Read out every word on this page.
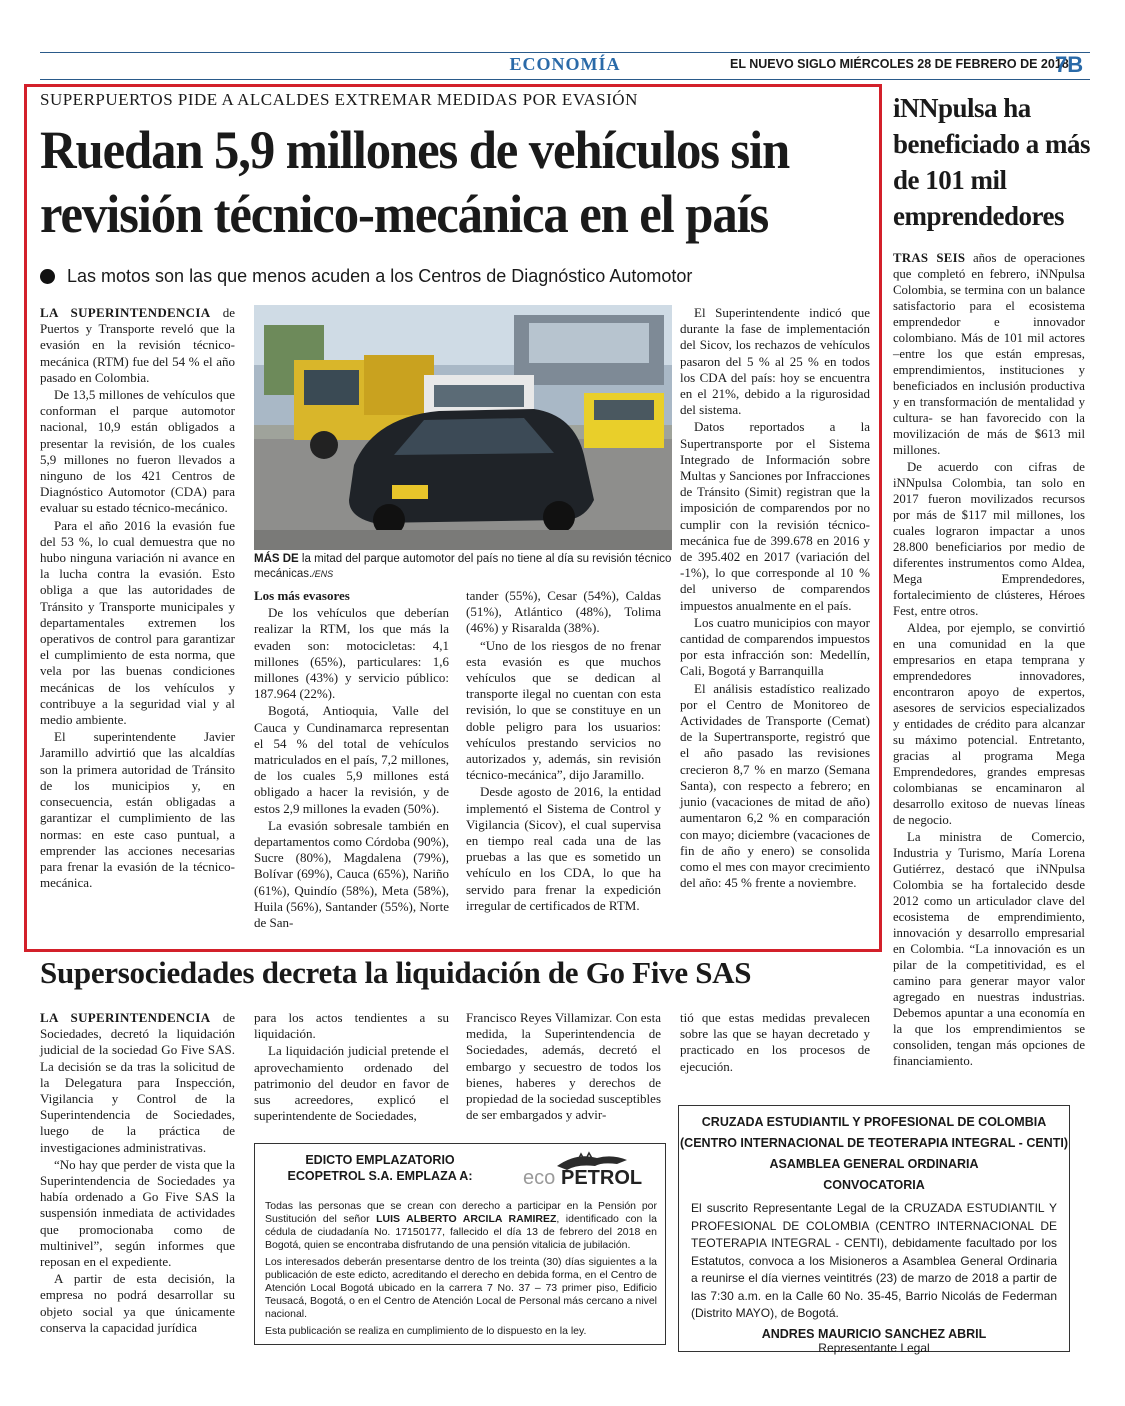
ECONOMÍA	EL NUEVO SIGLO MIÉRCOLES 28 DE FEBRERO DE 2018
7B
SUPERPUERTOS PIDE A ALCALDES EXTREMAR MEDIDAS POR EVASIÓN
Ruedan 5,9 millones de vehículos sin
revisión técnico-mecánica en el país
Las motos son las que menos acuden a los Centros de Diagnóstico Automotor

LA SUPERINTENDENCIA de Puertos y Transporte reveló que la evasión en la revisión técnico-mecánica (RTM) fue del 54 % el año pasado en Colombia.

De 13,5 millones de vehículos que conforman el parque automotor nacional, 10,9 están obligados a presentar la revisión, de los cuales 5,9 millones no fueron llevados a ninguno de los 421 Centros de Diagnóstico Automotor (CDA) para evaluar su estado técnico-mecánico.

Para el año 2016 la evasión fue del 53 %, lo cual demuestra que no hubo ninguna variación ni avance en la lucha contra la evasión. Esto obliga a que las autoridades de Tránsito y Transporte municipales y departamentales extremen los operativos de control para garantizar el cumplimiento de esta norma, que vela por las buenas condiciones mecánicas de los vehículos y contribuye a la seguridad vial y al medio ambiente.

El superintendente Javier Jaramillo advirtió que las alcaldías son la primera autoridad de Tránsito de los municipios y, en consecuencia, están obligadas a garantizar el cumplimiento de las normas: en este caso puntual, a emprender las acciones necesarias para frenar la evasión de la técnico-mecánica.

MÁS DE la mitad del parque automotor del país no tiene al día su revisión técnico mecánicas./ENS

Los más evasores

De los vehículos que deberían realizar la RTM, los que más la evaden son: motocicletas: 4,1 millones (65%), particulares: 1,6 millones (43%) y servicio público: 187.964 (22%).

Bogotá, Antioquia, Valle del Cauca y Cundinamarca representan el 54 % del total de vehículos matriculados en el país, 7,2 millones, de los cuales 5,9 millones está obligado a hacer la revisión, y de estos 2,9 millones la evaden (50%).

La evasión sobresale también en departamentos como Córdoba (90%), Sucre (80%), Magdalena (79%), Bolívar (69%), Cauca (65%), Nariño (61%), Quindío (58%), Meta (58%), Huila (56%), Santander (55%), Norte de San-

tander (55%), Cesar (54%), Caldas (51%), Atlántico (48%), Tolima (46%) y Risaralda (38%).

“Uno de los riesgos de no frenar esta evasión es que muchos vehículos que se dedican al transporte ilegal no cuentan con esta revisión, lo que se constituye en un doble peligro para los usuarios: vehículos prestando servicios no autorizados y, además, sin revisión técnico-mecánica”, dijo Jaramillo.

Desde agosto de 2016, la entidad implementó el Sistema de Control y Vigilancia (Sicov), el cual supervisa en tiempo real cada una de las pruebas a las que es sometido un vehículo en los CDA, lo que ha servido para frenar la expedición irregular de certificados de RTM.

El Superintendente indicó que durante la fase de implementación del Sicov, los rechazos de vehículos pasaron del 5 % al 25 % en todos los CDA del país: hoy se encuentra en el 21%, debido a la rigurosidad del sistema.

Datos reportados a la Supertransporte por el Sistema Integrado de Información sobre Multas y Sanciones por Infracciones de Tránsito (Simit) registran que la imposición de comparendos por no cumplir con la revisión técnico-mecánica fue de 399.678 en 2016 y de 395.402 en 2017 (variación del -1%), lo que corresponde al 10 % del universo de comparendos impuestos anualmente en el país.

Los cuatro municipios con mayor cantidad de comparendos impuestos por esta infracción son: Medellín, Cali, Bogotá y Barranquilla

El análisis estadístico realizado por el Centro de Monitoreo de Actividades de Transporte (Cemat) de la Supertransporte, registró que el año pasado las revisiones crecieron 8,7 % en marzo (Semana Santa), con respecto a febrero; en junio (vacaciones de mitad de año) aumentaron 6,2 % en comparación con mayo; diciembre (vacaciones de fin de año y enero) se consolida como el mes con mayor crecimiento del año: 45 % frente a noviembre.

iNNpulsa ha beneficiado a más de 101 mil emprendedores

TRAS SEIS años de operaciones que completó en febrero, iNNpulsa Colombia, se termina con un balance satisfactorio para el ecosistema emprendedor e innovador colombiano. Más de 101 mil actores –entre los que están empresas, emprendimientos, instituciones y beneficiados en inclusión productiva y en transformación de mentalidad y cultura- se han favorecido con la movilización de más de $613 mil millones.

De acuerdo con cifras de iNNpulsa Colombia, tan solo en 2017 fueron movilizados recursos por más de $117 mil millones, los cuales lograron impactar a unos 28.800 beneficiarios por medio de diferentes instrumentos como Aldea, Mega Emprendedores, fortalecimiento de clústeres, Héroes Fest, entre otros.

Aldea, por ejemplo, se convirtió en una comunidad en la que empresarios en etapa temprana y emprendedores innovadores, encontraron apoyo de expertos, asesores de servicios especializados y entidades de crédito para alcanzar su máximo potencial. Entretanto, gracias al programa Mega Emprendedores, grandes empresas colombianas se encaminaron al desarrollo exitoso de nuevas líneas de negocio.

La ministra de Comercio, Industria y Turismo, María Lorena Gutiérrez, destacó que iNNpulsa Colombia se ha fortalecido desde 2012 como un articulador clave del ecosistema de emprendimiento, innovación y desarrollo empresarial en Colombia. “La innovación es un pilar de la competitividad, es el camino para generar mayor valor agregado en nuestras industrias. Debemos apuntar a una economía en la que los emprendimientos se consoliden, tengan más opciones de financiamiento.

Supersociedades decreta la liquidación de Go Five SAS

LA SUPERINTENDENCIA de Sociedades, decretó la liquidación judicial de la sociedad Go Five SAS. La decisión se da tras la solicitud de la Delegatura para Inspección, Vigilancia y Control de la Superintendencia de Sociedades, luego de la práctica de investigaciones administrativas.

“No hay que perder de vista que la Superintendencia de Sociedades ya había ordenado a Go Five SAS la suspensión inmediata de actividades que promocionaba como de multinivel”, según informes que reposan en el expediente.

A partir de esta decisión, la empresa no podrá desarrollar su objeto social ya que únicamente conserva la capacidad jurídica

para los actos tendientes a su liquidación.

La liquidación judicial pretende el aprovechamiento ordenado del patrimonio del deudor en favor de sus acreedores, explicó el superintendente de Sociedades,

Francisco Reyes Villamizar. Con esta medida, la Superintendencia de Sociedades, además, decretó el embargo y secuestro de todos los bienes, haberes y derechos de propiedad de la sociedad susceptibles de ser embargados y advir-

tió que estas medidas prevalecen sobre las que se hayan decretado y practicado en los procesos de ejecución.

EDICTO EMPLAZATORIO
ECOPETROL S.A. EMPLAZA A:	eco PETROL

Todas las personas que se crean con derecho a participar en la Pensión por Sustitución del señor LUIS ALBERTO ARCILA RAMIREZ, identificado con la cédula de ciudadanía No. 17150177, fallecido el día 13 de febrero del 2018 en Bogotá, quien se encontraba disfrutando de una pensión vitalicia de jubilación.

Los interesados deberán presentarse dentro de los treinta (30) días siguientes a la publicación de este edicto, acreditando el derecho en debida forma, en el Centro de Atención Local Bogotá ubicado en la carrera 7 No. 37 – 73 primer piso, Edificio Teusacá, Bogotá, o en el Centro de Atención Local de Personal más cercano a nivel nacional.

Esta publicación se realiza en cumplimiento de lo dispuesto en la ley.

CRUZADA ESTUDIANTIL Y PROFESIONAL DE COLOMBIA
(CENTRO INTERNACIONAL DE TEOTERAPIA INTEGRAL - CENTI)
ASAMBLEA GENERAL ORDINARIA
CONVOCATORIA
El suscrito Representante Legal de la CRUZADA ESTUDIANTIL Y PROFESIONAL DE COLOMBIA (CENTRO INTERNACIONAL DE TEOTERAPIA INTEGRAL - CENTI), debidamente facultado por los Estatutos, convoca a los Misioneros a Asamblea General Ordinaria a reunirse el día viernes veintitrés (23) de marzo de 2018 a partir de las 7:30 a.m. en la Calle 60 No. 35-45, Barrio Nicolás de Federman (Distrito MAYO), de Bogotá.
ANDRES MAURICIO SANCHEZ ABRIL
Representante Legal
